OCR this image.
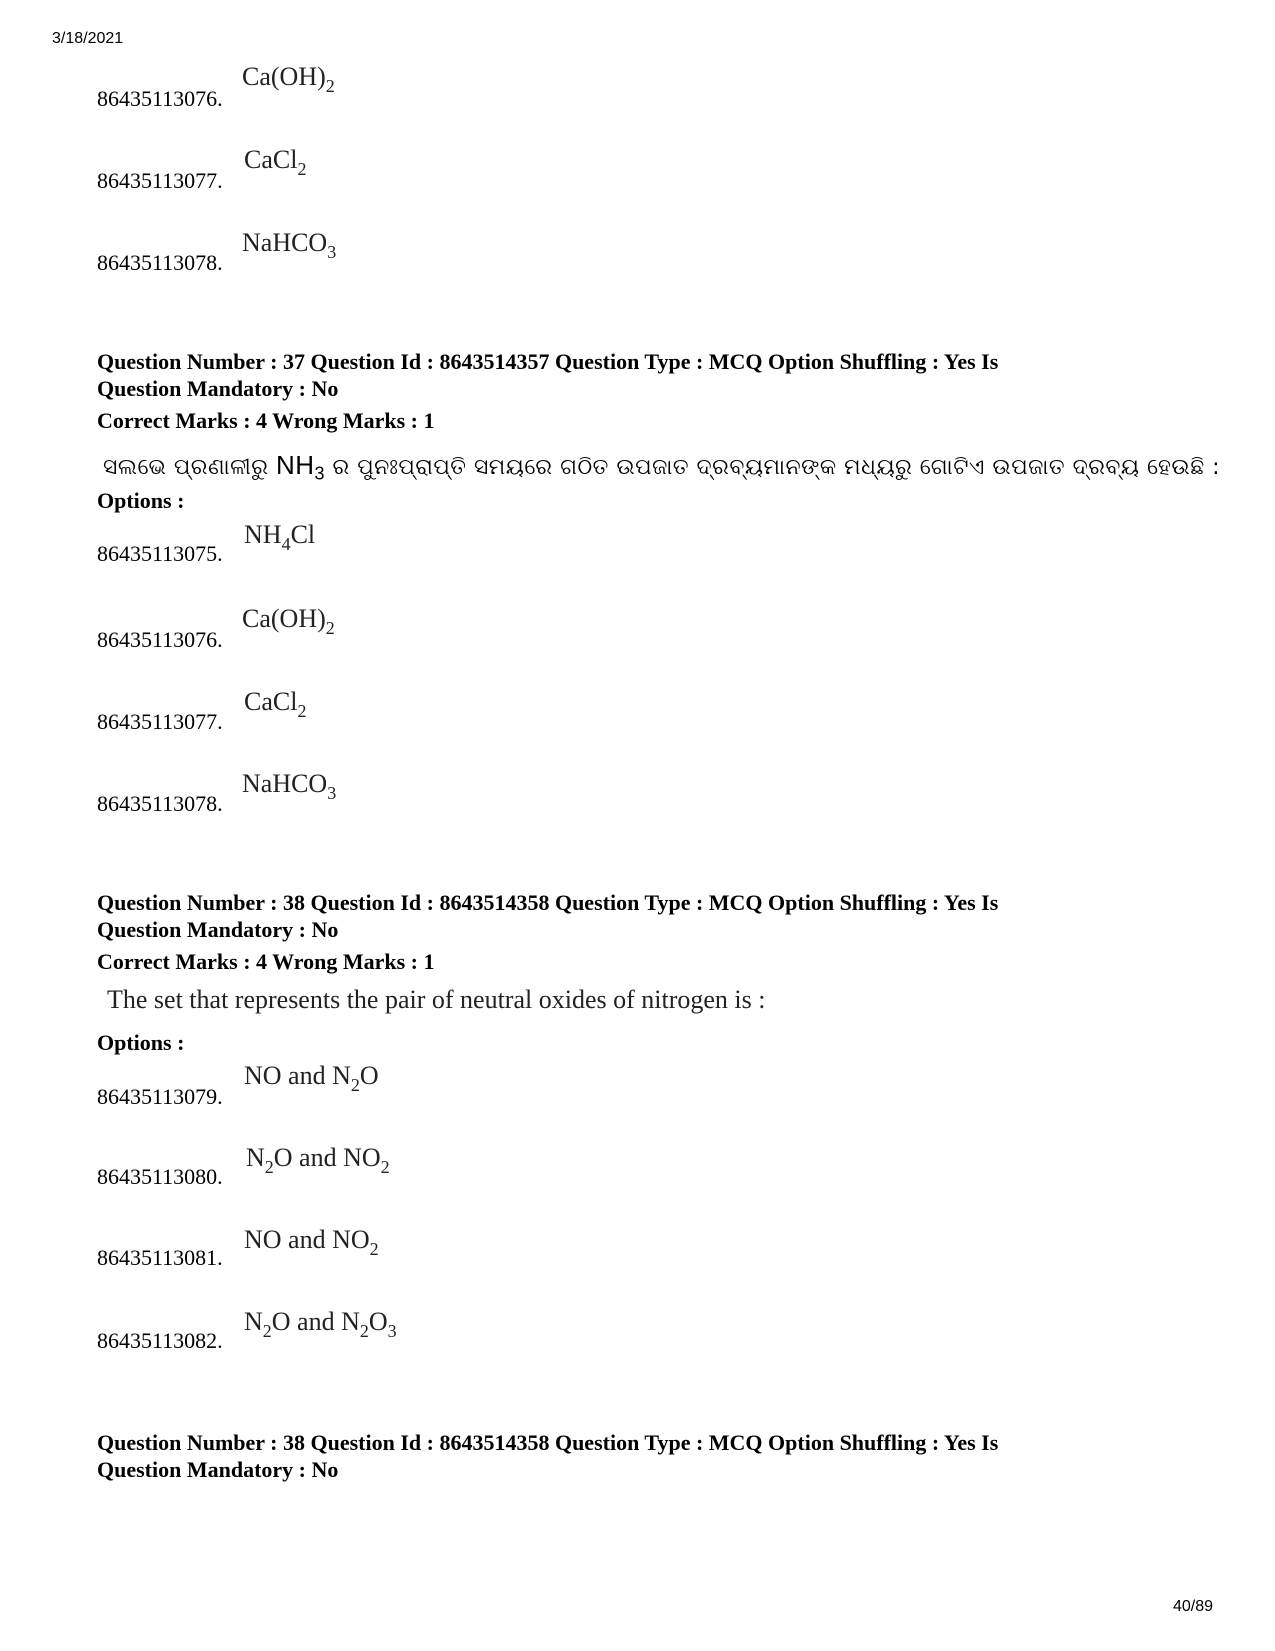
3/18/2021
86435113076.
$Ca(OH)_2$
86435113077.
CaCl$_2$
86435113078.
NaHCO$_3$
Question Number : 37 Question Id : 8643514357 Question Type : MCQ Option Shuffling : Yes Is
Question Mandatory : No
Correct Marks : 4 Wrong Marks : 1
ସଲଭେ ପ୍ରଣାଳୀରୁ $NH_3$ ର ପୁନଃପ୍ରାପ୍ତି ସମୟରେ ଗଠିତ ଉପଜାତ ଦ୍ରବ୍ୟମାନଙ୍କ ମଧ୍ୟରୁ ଗୋଟିଏ ଉପଜାତ ଦ୍ରବ୍ୟ ହେଉଛି :
Options :
86435113075.
$NH_4Cl$
86435113076.
$Ca(OH)_2$
86435113077.
CaCl$_2$
86435113078.
NaHCO$_3$
Question Number : 38 Question Id : 8643514358 Question Type : MCQ Option Shuffling : Yes Is
Question Mandatory : No
Correct Marks : 4 Wrong Marks : 1
The set that represents the pair of neutral oxides of nitrogen is :
Options :
86435113079.
NO and $N_2O$
86435113080.
$N_2O$ and $NO_2$
86435113081.
NO and $NO_2$
86435113082.
$N_2O$ and $N_2O_3$
Question Number : 38 Question Id : 8643514358 Question Type : MCQ Option Shuffling : Yes Is
Question Mandatory : No
40/89
